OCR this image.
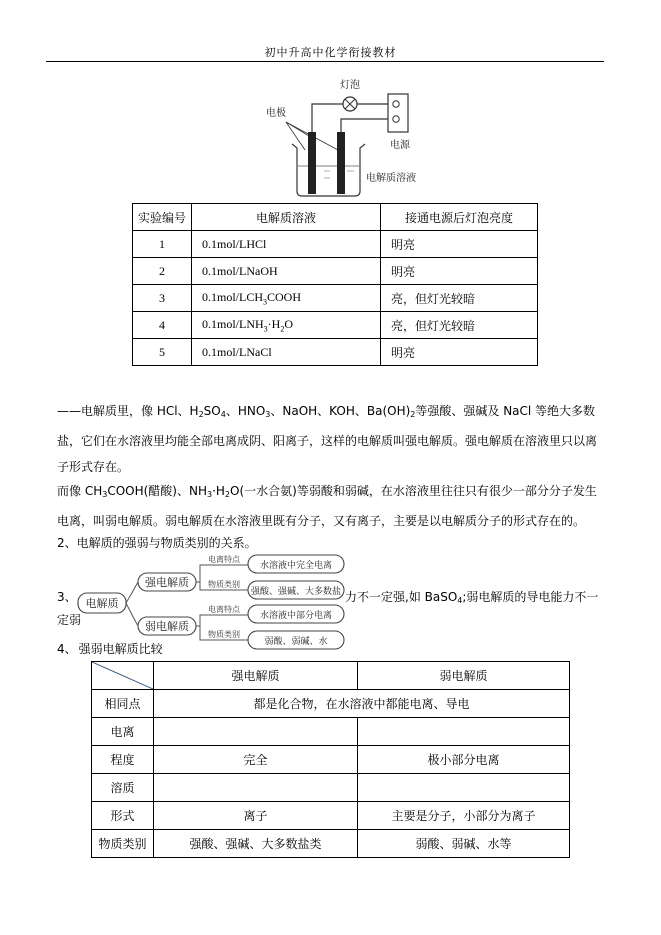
初中升高中化学衔接教材
灯泡
电源
电极
电解质溶液
实验编号	电解质溶液	接通电源后灯泡亮度
1	0.1mol/LHCl	明亮
2	0.1mol/LNaOH	明亮
3	$0.1mol/LCH_3COOH$	亮，但灯光较暗
4	$0.1mol/LNH_3\cdot H_2O$	亮，但灯光较暗
5	0.1mol/LNaCl	明亮
——电解质里，像 HCl、$H_2SO_4$、$HNO_3$、NaOH、KOH、$Ba(OH)_2$等强酸、强碱及 NaCl 等绝大多数盐，它们在水溶液里均能全部电离成阴、阳离子，这样的电解质叫强电解质。强电解质在溶液里只以离子形式存在。
而像 $CH_3COOH$(醋酸)、$NH_3\cdot H_2O$(一水合氨)等弱酸和弱碱，在水溶液里往往只有很少一部分分子发生电离，叫弱电解质。弱电解质在水溶液里既有分子，又有离子，主要是以电解质分子的形式存在的。
2、电解质的强弱与物质类别的关系。
电解质
强电解质
弱电解质
电离特点
物质类别
电离特点
物质类别
水溶液中完全电离
强酸、强碱、大多数盐
水溶液中部分电离
弱酸、弱碱、水
3、	力不一定强,如 BaSO$_4$;弱电解质的导电能力不一
定弱
4、 强弱电解质比较
	强电解质	弱电解质
相同点	都是化合物，在水溶液中都能电离、导电	
电离		
程度	完全	极小部分电离
溶质		
形式	离子	主要是分子，小部分为离子
物质类别	强酸、强碱、大多数盐类	弱酸、弱碱、水等
